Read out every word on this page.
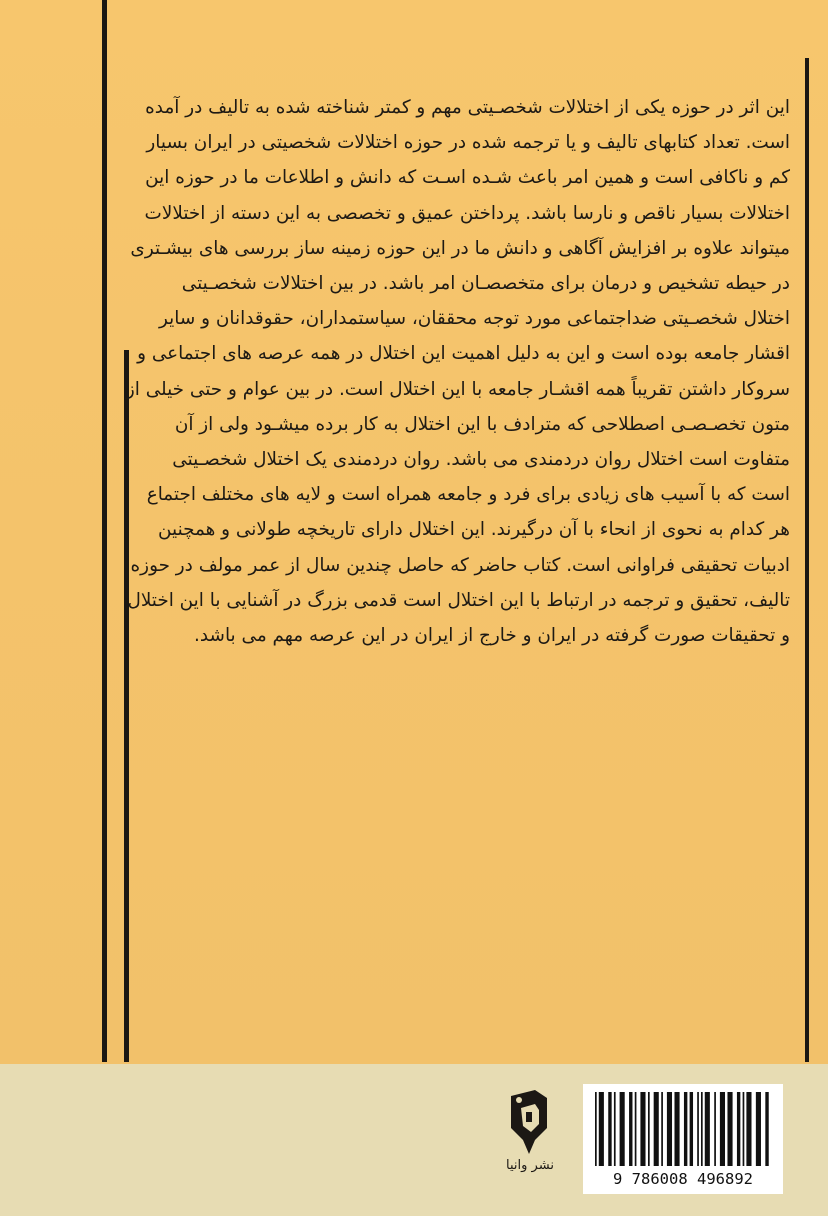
این اثر در حوزه یکی از اختلالات شخصـیتی مهم و کمتر شناخته شده به تالیف در آمده
است. تعداد کتابهای تالیف و یا ترجمه شده در حوزه اختلالات شخصیتی در ایران بسیار
کم و ناکافی است و همین امر باعث شـده اسـت که دانش و اطلاعات ما در حوزه این
اختلالات بسیار ناقص و نارسا باشد. پرداختن عمیق و تخصصی به این دسته از اختلالات
میتواند علاوه بر افزایش آگاهی و دانش ما در این حوزه زمینه ساز بررسی های بیشـتری
در حیطه تشخیص و درمان برای متخصصـان امر باشد. در بین اختلالات شخصـیتی
اختلال شخصـیتی ضداجتماعی مورد توجه محققان، سیاستمداران، حقوقدانان و سایر
اقشار جامعه بوده است و این به دلیل اهمیت این اختلال در همه عرصه های اجتماعی و
سروکار داشتن تقریباً همه اقشـار جامعه با این اختلال است. در بین عوام و حتی خیلی از
متون تخصـصـی اصطلاحی که مترادف با این اختلال به کار برده میشـود ولی از آن
متفاوت است اختلال روان دردمندی می باشد. روان دردمندی یک اختلال شخصـیتی
است که با آسیب های زیادی برای فرد و جامعه همراه است و لایه های مختلف اجتماع
هر کدام به نحوی از انحاء با آن درگیرند. این اختلال دارای تاریخچه طولانی و همچنین
ادبیات تحقیقی فراوانی است. کتاب حاضر که حاصل چندین سال از عمر مولف در حوزه
تالیف، تحقیق و ترجمه در ارتباط با این اختلال است قدمی بزرگ در آشنایی با این اختلال
و تحقیقات صورت گرفته در ایران و خارج از ایران در این عرصه مهم می باشد.
نشر وانیا
9 786008 496892
